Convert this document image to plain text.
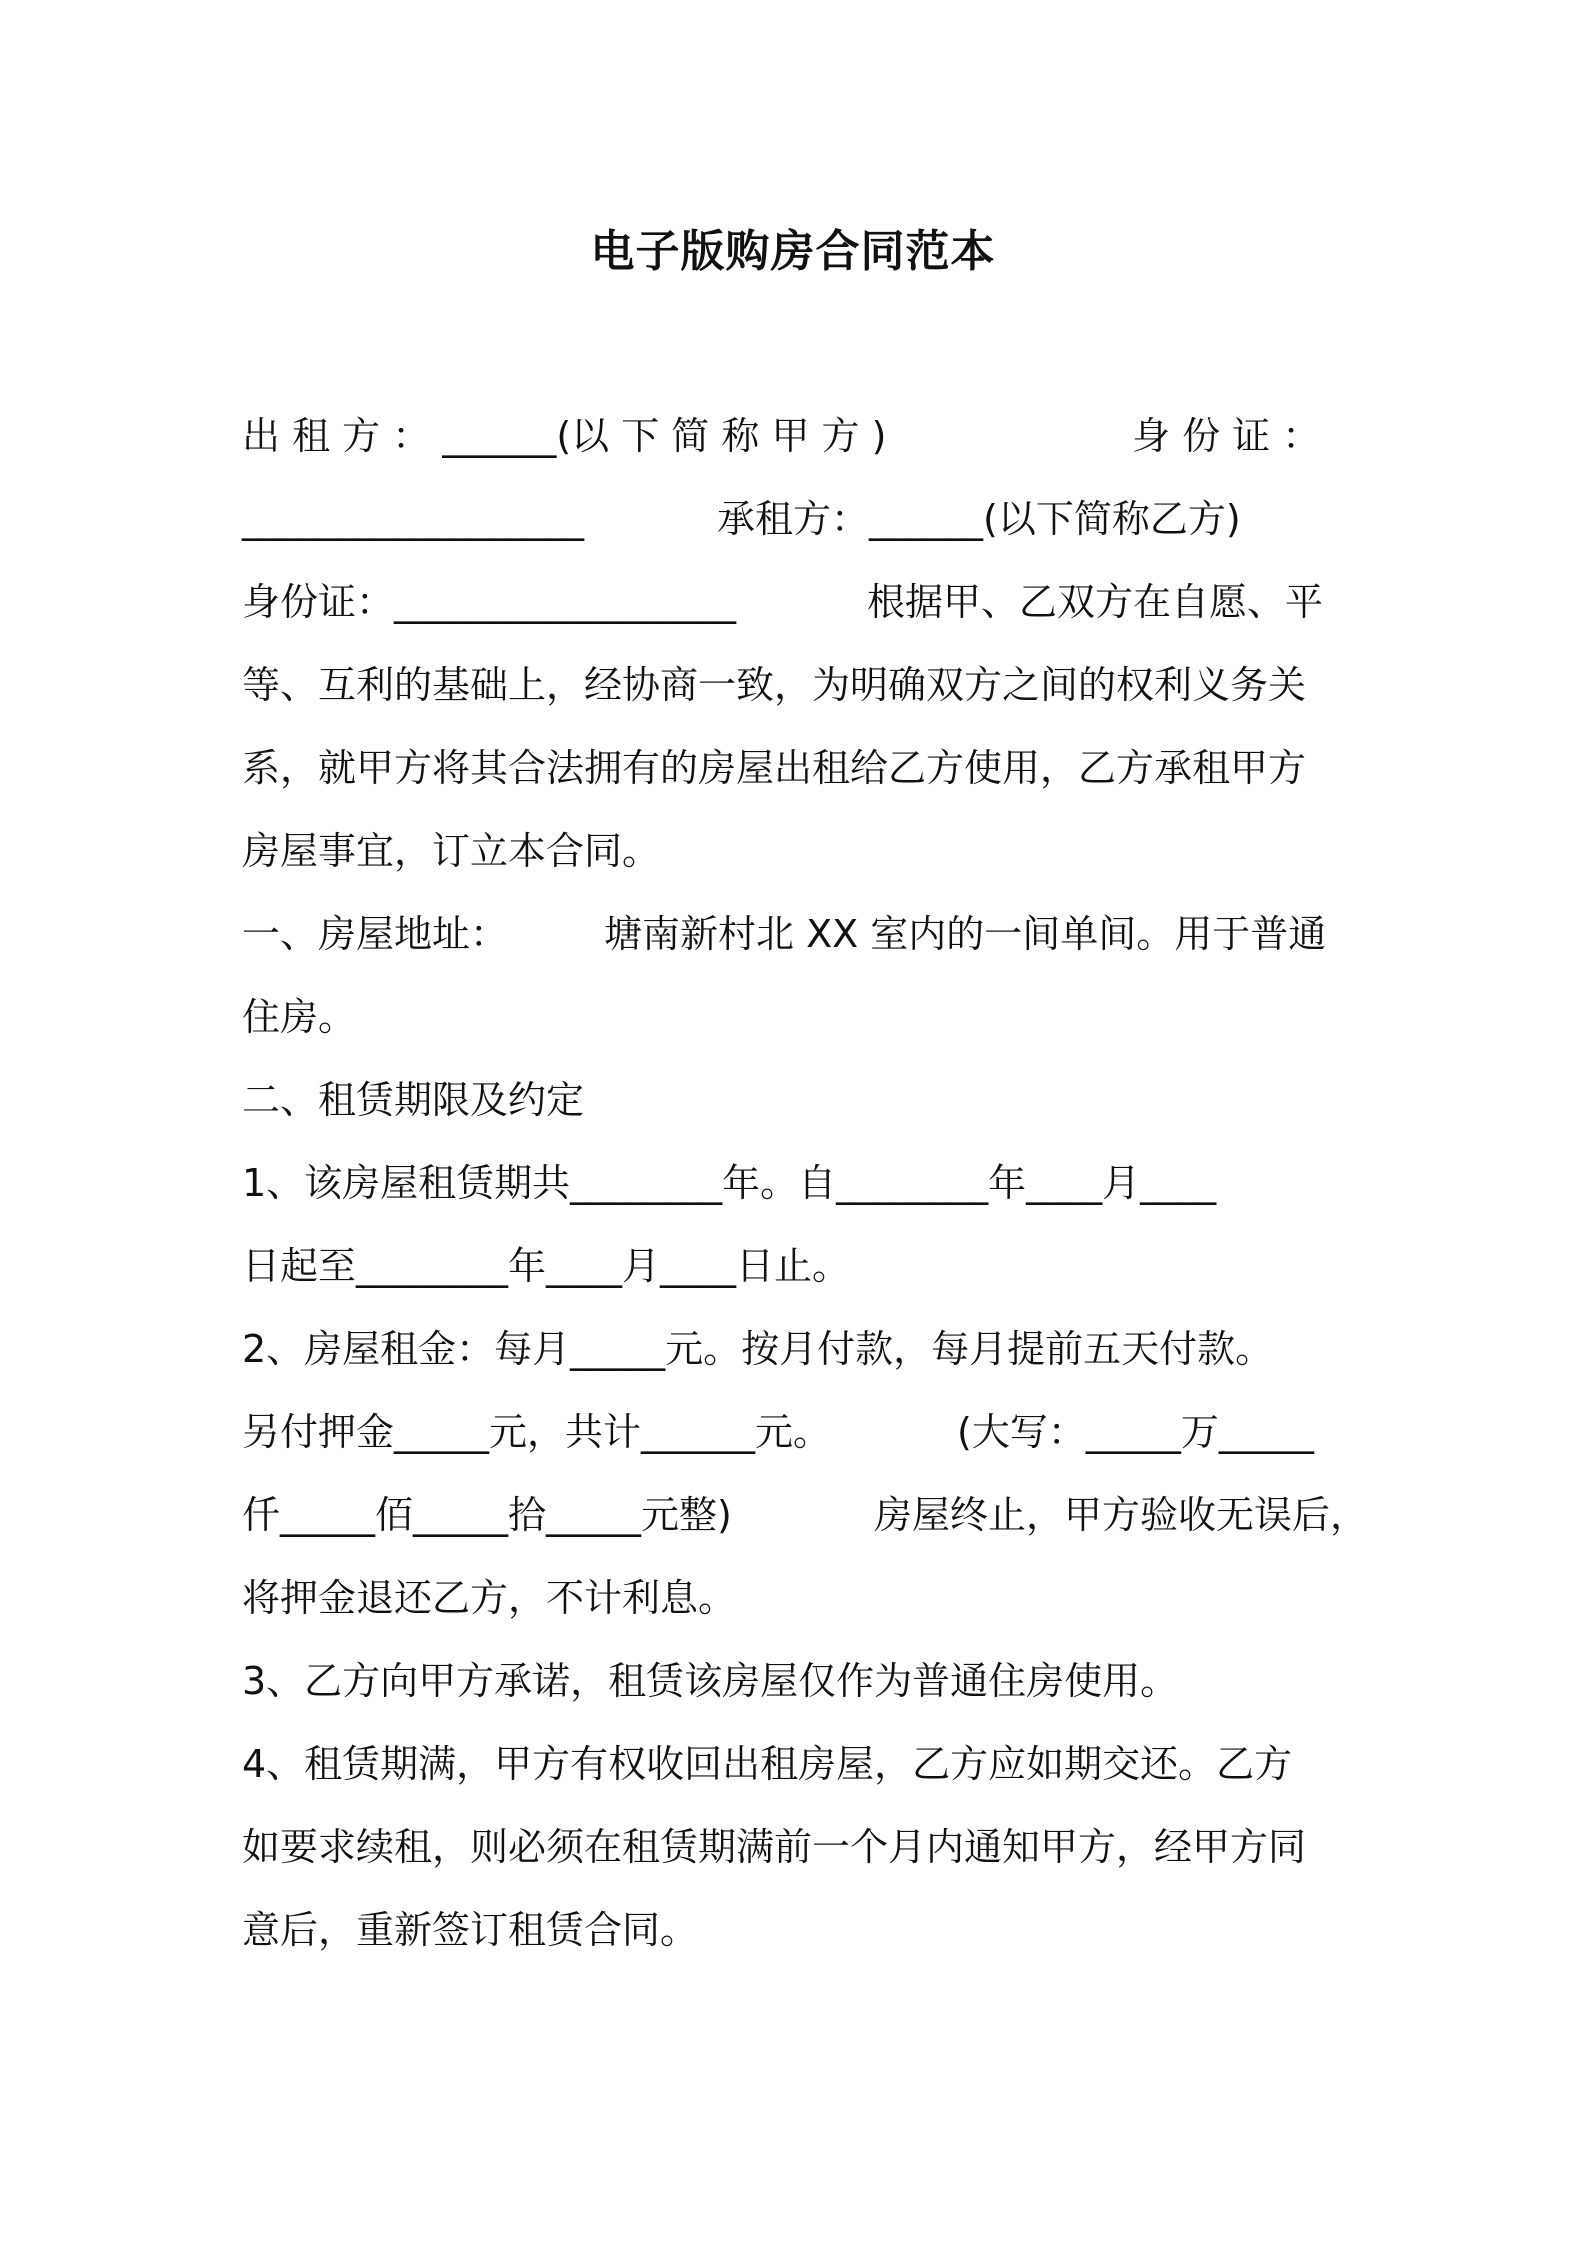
电子版购房合同范本
出 租 方 ： ______(以 下 简 称 甲 方 )	身 份 证 ：
__________________	承租方：______(以下简称乙方)
身份证：__________________	根据甲、乙双方在自愿、平
等、互利的基础上，经协商一致，为明确双方之间的权利义务关
系，就甲方将其合法拥有的房屋出租给乙方使用，乙方承租甲方
房屋事宜，订立本合同。
一、房屋地址：	塘南新村北 XX 室内的一间单间。用于普通
住房。
二、租赁期限及约定
1、该房屋租赁期共________年。自________年____月____
日起至________年____月____日止。
2、房屋租金：每月_____元。按月付款，每月提前五天付款。
另付押金_____元，共计______元。	(大写：_____万_____
仟_____佰_____拾_____元整)	房屋终止，甲方验收无误后，
将押金退还乙方，不计利息。
3、乙方向甲方承诺，租赁该房屋仅作为普通住房使用。
4、租赁期满，甲方有权收回出租房屋，乙方应如期交还。乙方
如要求续租，则必须在租赁期满前一个月内通知甲方，经甲方同
意后，重新签订租赁合同。
